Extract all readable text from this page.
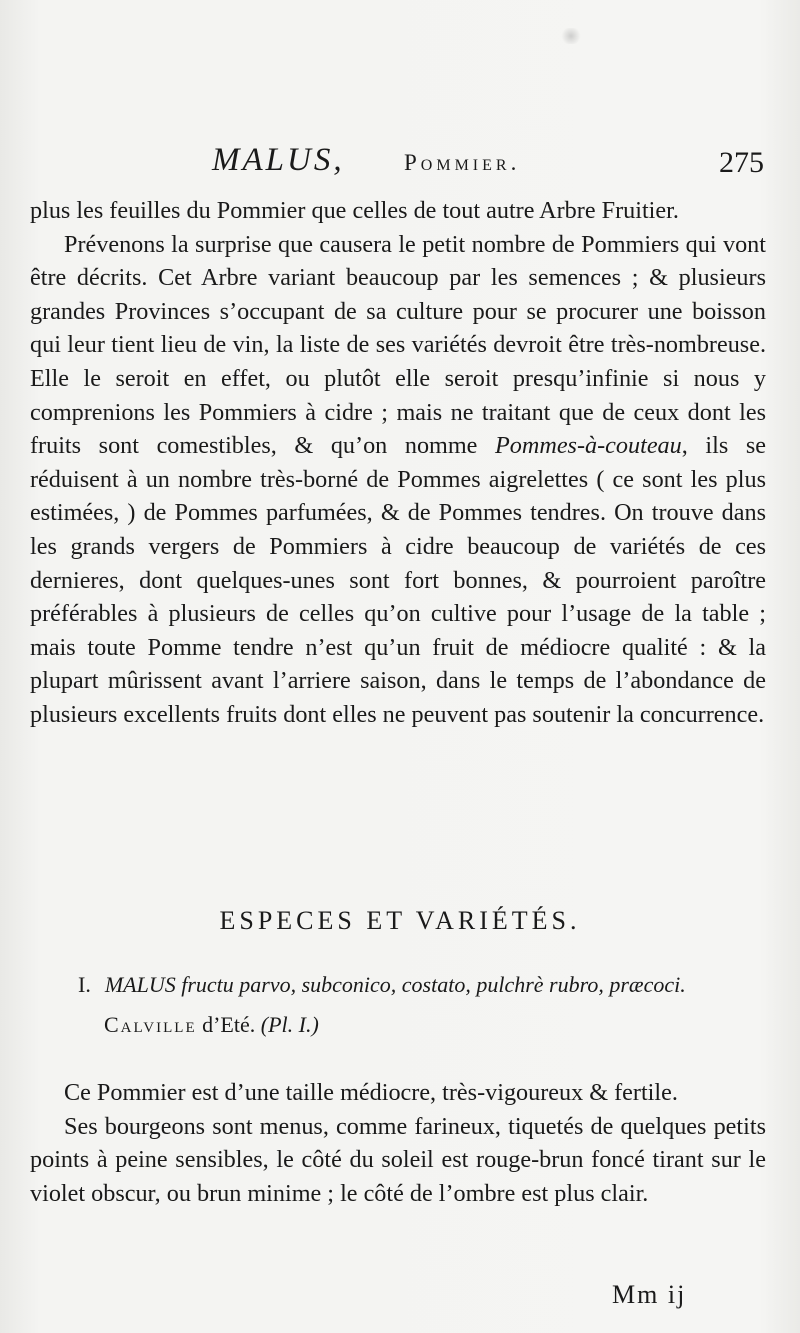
MALUS,	Pommier.	275

plus les feuilles du Pommier que celles de tout autre Arbre Fruitier.

Prévenons la surprise que causera le petit nombre de Pommiers qui vont être décrits. Cet Arbre variant beaucoup par les semences ; & plusieurs grandes Provinces s’occupant de sa culture pour se procurer une boisson qui leur tient lieu de vin, la liste de ses variétés devroit être très-nombreuse. Elle le seroit en effet, ou plutôt elle seroit presqu’infinie si nous y comprenions les Pommiers à cidre ; mais ne traitant que de ceux dont les fruits sont comestibles, & qu’on nomme Pommes-à-couteau, ils se réduisent à un nombre très-borné de Pommes aigrelettes ( ce sont les plus estimées, ) de Pommes parfumées, & de Pommes tendres. On trouve dans les grands vergers de Pommiers à cidre beaucoup de variétés de ces dernieres, dont quelques-unes sont fort bonnes, & pourroient paroître préférables à plusieurs de celles qu’on cultive pour l’usage de la table ; mais toute Pomme tendre n’est qu’un fruit de médiocre qualité : & la plupart mûrissent avant l’arriere saison, dans le temps de l’abondance de plusieurs excellents fruits dont elles ne peuvent pas soutenir la concurrence.

ESPECES ET VARIÉTÉS.
I. MALUS fructu parvo, subconico, costato, pulchrè rubro, præcoci.
Calville d’Eté. (Pl. I.)

Ce Pommier est d’une taille médiocre, très-vigoureux & fertile.

Ses bourgeons sont menus, comme farineux, tiquetés de quelques petits points à peine sensibles, le côté du soleil est rouge-brun foncé tirant sur le violet obscur, ou brun minime ; le côté de l’ombre est plus clair.

Mm ij
